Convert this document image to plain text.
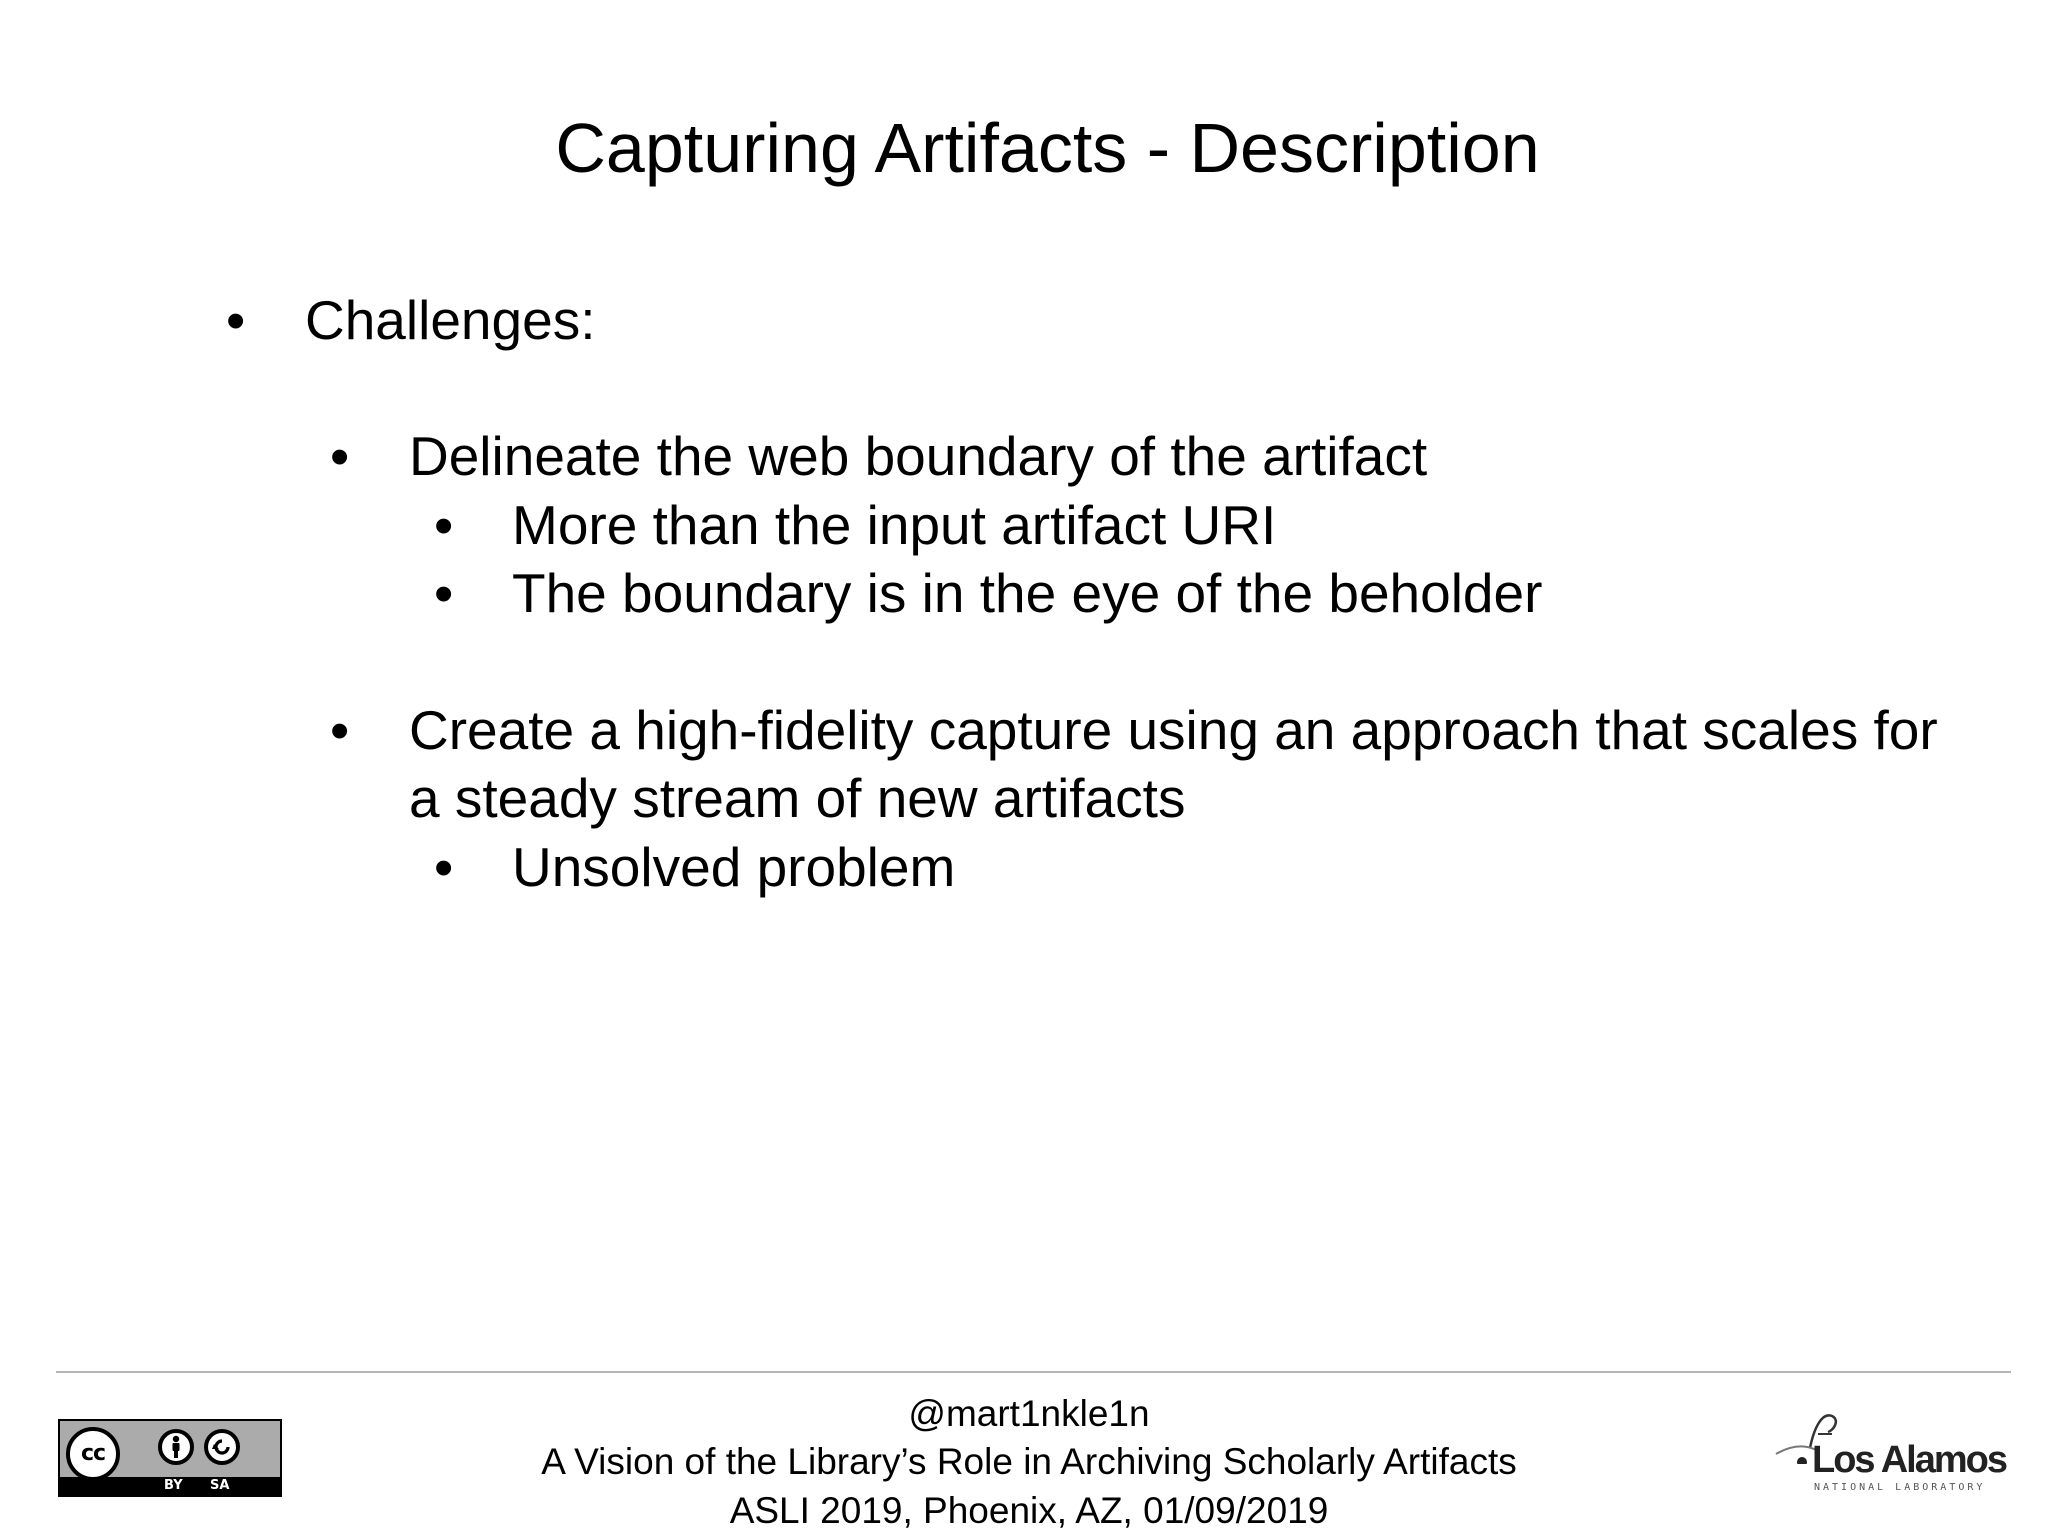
Capturing Artifacts - Description
• Challenges:
• Delineate the web boundary of the artifact
• More than the input artifact URI
• The boundary is in the eye of the beholder
• Create a high-fidelity capture using an approach that scales for
a steady stream of new artifacts
• Unsolved problem
@mart1nkle1n
A Vision of the Library’s Role in Archiving Scholarly Artifacts
ASLI 2019, Phoenix, AZ, 01/09/2019
cc
BY SA
Los Alamos
NATIONAL LABORATORY
